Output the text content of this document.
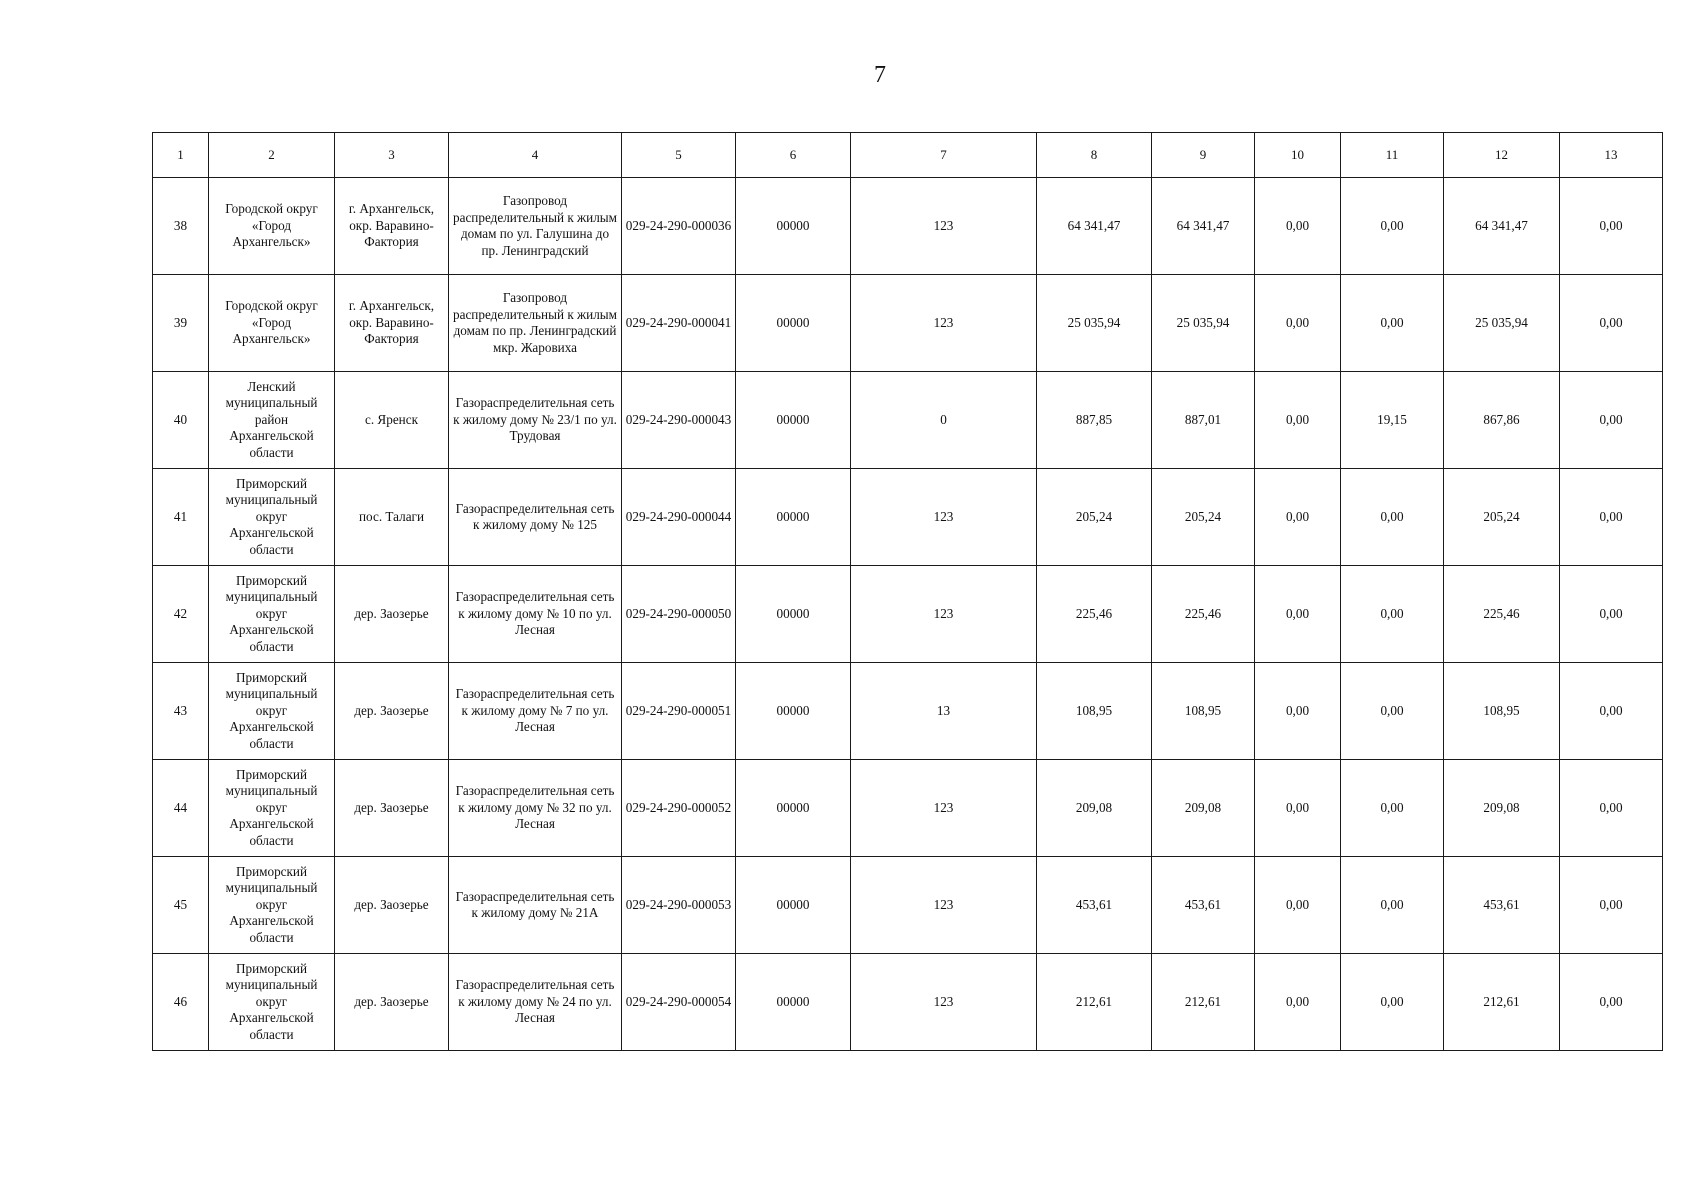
7
1	2	3	4	5	6	7	8	9	10	11	12	13
38	Городской округ «Город Архангельск»	г. Архангельск, окр. Варавино-Фактория	Газопровод распределительный к жилым домам по ул. Галушина до пр. Ленинградский	029-24-290-000036	00000	123	64 341,47	64 341,47	0,00	0,00	64 341,47	0,00
39	Городской округ «Город Архангельск»	г. Архангельск, окр. Варавино-Фактория	Газопровод распределительный к жилым домам по пр. Ленинградский мкр. Жаровиха	029-24-290-000041	00000	123	25 035,94	25 035,94	0,00	0,00	25 035,94	0,00
40	Ленский муниципальный район Архангельской области	с. Яренск	Газораспределительная сеть к жилому дому № 23/1 по ул. Трудовая	029-24-290-000043	00000	0	887,85	887,01	0,00	19,15	867,86	0,00
41	Приморский муниципальный округ Архангельской области	пос. Талаги	Газораспределительная сеть к жилому дому № 125	029-24-290-000044	00000	123	205,24	205,24	0,00	0,00	205,24	0,00
42	Приморский муниципальный округ Архангельской области	дер. Заозерье	Газораспределительная сеть к жилому дому № 10 по ул. Лесная	029-24-290-000050	00000	123	225,46	225,46	0,00	0,00	225,46	0,00
43	Приморский муниципальный округ Архангельской области	дер. Заозерье	Газораспределительная сеть к жилому дому № 7 по ул. Лесная	029-24-290-000051	00000	13	108,95	108,95	0,00	0,00	108,95	0,00
44	Приморский муниципальный округ Архангельской области	дер. Заозерье	Газораспределительная сеть к жилому дому № 32 по ул. Лесная	029-24-290-000052	00000	123	209,08	209,08	0,00	0,00	209,08	0,00
45	Приморский муниципальный округ Архангельской области	дер. Заозерье	Газораспределительная сеть к жилому дому № 21А	029-24-290-000053	00000	123	453,61	453,61	0,00	0,00	453,61	0,00
46	Приморский муниципальный округ Архангельской области	дер. Заозерье	Газораспределительная сеть к жилому дому № 24 по ул. Лесная	029-24-290-000054	00000	123	212,61	212,61	0,00	0,00	212,61	0,00
